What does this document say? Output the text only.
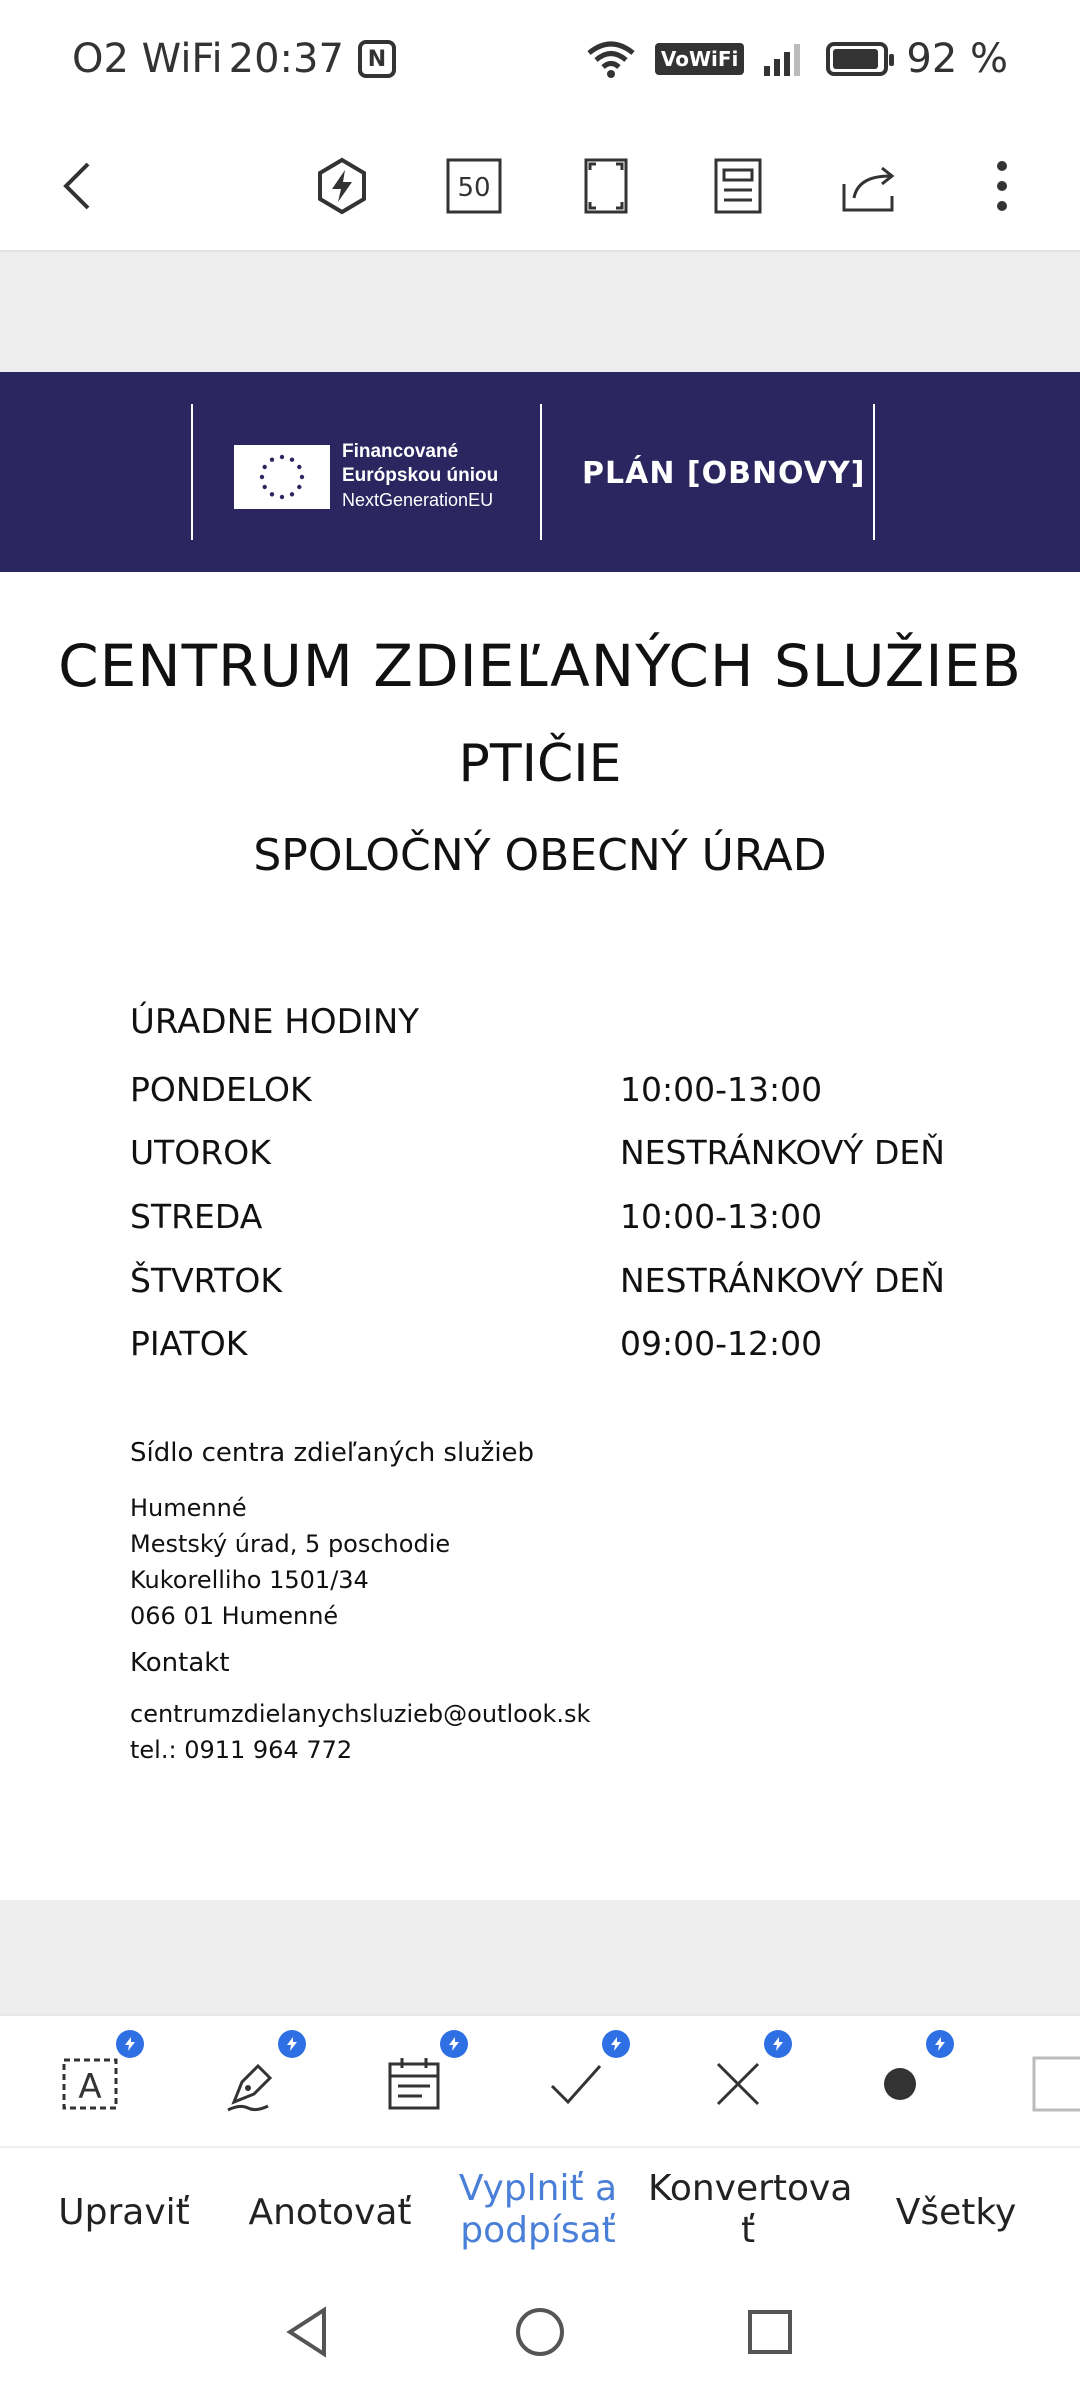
O2 WiFi 20:37	N	VoWiFi	92 %
50
Financované
Európskou úniou
NextGenerationEU
PLÁN [OBNOVY]
CENTRUM ZDIEĽANÝCH SLUŽIEB
PTIČIE
SPOLOČNÝ OBECNÝ ÚRAD
ÚRADNE HODINY
PONDELOK	10:00-13:00
UTOROK	NESTRÁNKOVÝ DEŇ
STREDA	10:00-13:00
ŠTVRTOK	NESTRÁNKOVÝ DEŇ
PIATOK	09:00-12:00
Sídlo centra zdieľaných služieb
Humenné
Mestský úrad, 5 poschodie
Kukorelliho 1501/34
066 01 Humenné
Kontakt
centrumzdielanychsluzieb@outlook.sk
tel.: 0911 964 772
A
Upraviť	Anotovať
Vyplniť a
podpísať
Konvertova
ť	Všetky
